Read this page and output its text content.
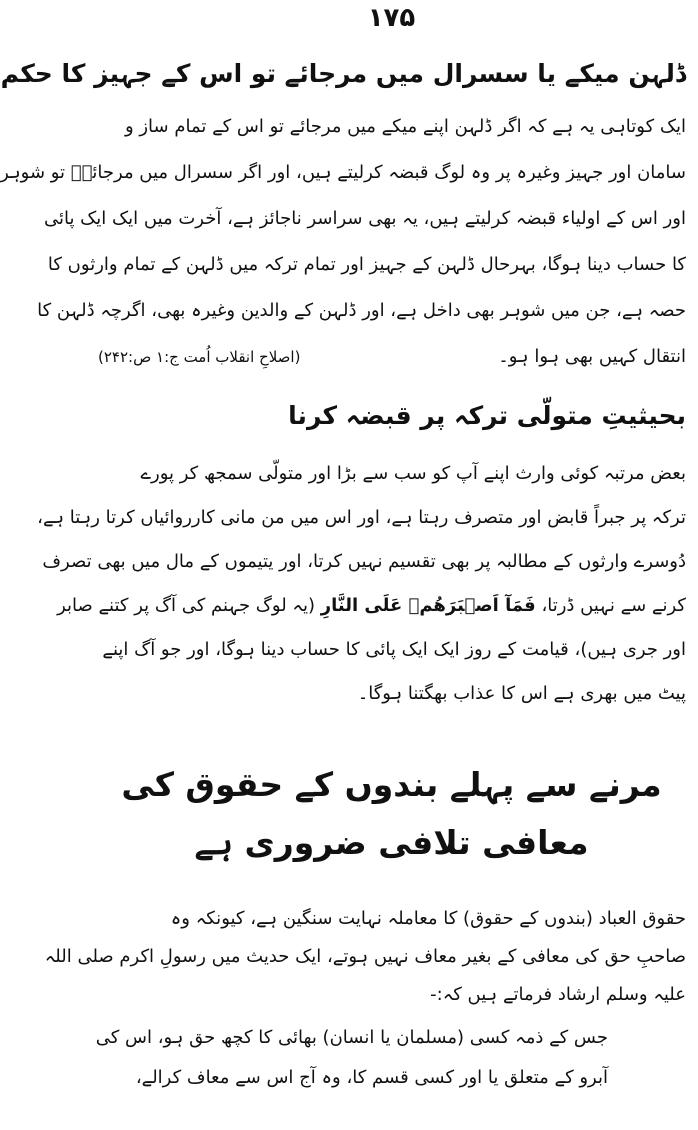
۱۷۵
ڈلہن میکے یا سسرال میں مرجائے تو اس کے جہیز کا حکم
ایک کوتاہی یہ ہے کہ اگر ڈلہن اپنے میکے میں مرجائے تو اس کے تمام ساز و
سامان اور جہیز وغیرہ پر وہ لوگ قبضہ کرلیتے ہیں، اور اگر سسرال میں مرجائےؔ تو شوہر
اور اس کے اولیاء قبضہ کرلیتے ہیں، یہ بھی سراسر ناجائز ہے، آخرت میں ایک ایک پائی
کا حساب دینا ہوگا، بہرحال ڈلہن کے جہیز اور تمام ترکہ میں ڈلہن کے تمام وارثوں کا
حصہ ہے، جن میں شوہر بھی داخل ہے، اور ڈلہن کے والدین وغیرہ بھی، اگرچہ ڈلہن کا
انتقال کہیں بھی ہوا ہو۔
(اصلاحِ انقلاب اُمت ج:۱ ص:۲۴۲)
بحیثیتِ متولّی ترکہ پر قبضہ کرنا
بعض مرتبہ کوئی وارث اپنے آپ کو سب سے بڑا اور متولّی سمجھ کر پورے
ترکہ پر جبراً قابض اور متصرف رہتا ہے، اور اس میں من مانی کارروائیاں کرتا رہتا ہے،
دُوسرے وارثوں کے مطالبہ پر بھی تقسیم نہیں کرتا، اور یتیموں کے مال میں بھی تصرف
کرنے سے نہیں ڈرتا، فَمَآ اَصۡبَرَهُمۡ عَلَى النَّارِ (یہ لوگ جہنم کی آگ پر کتنے صابر
اور جری ہیں)، قیامت کے روز ایک ایک پائی کا حساب دینا ہوگا، اور جو آگ اپنے
پیٹ میں بھری ہے اس کا عذاب بھگتنا ہوگا۔
مرنے سے پہلے بندوں کے حقوق کی معافی تلافی ضروری ہے
حقوق العباد (بندوں کے حقوق) کا معاملہ نہایت سنگین ہے، کیونکہ وہ
صاحبِ حق کی معافی کے بغیر معاف نہیں ہوتے، ایک حدیث میں رسولِ اکرم صلی اللہ
علیہ وسلم ارشاد فرماتے ہیں کہ:-
جس کے ذمہ کسی (مسلمان یا انسان) بھائی کا کچھ حق ہو، اس کی
آبرو کے متعلق یا اور کسی قسم کا، وہ آج اس سے معاف کرالے،
